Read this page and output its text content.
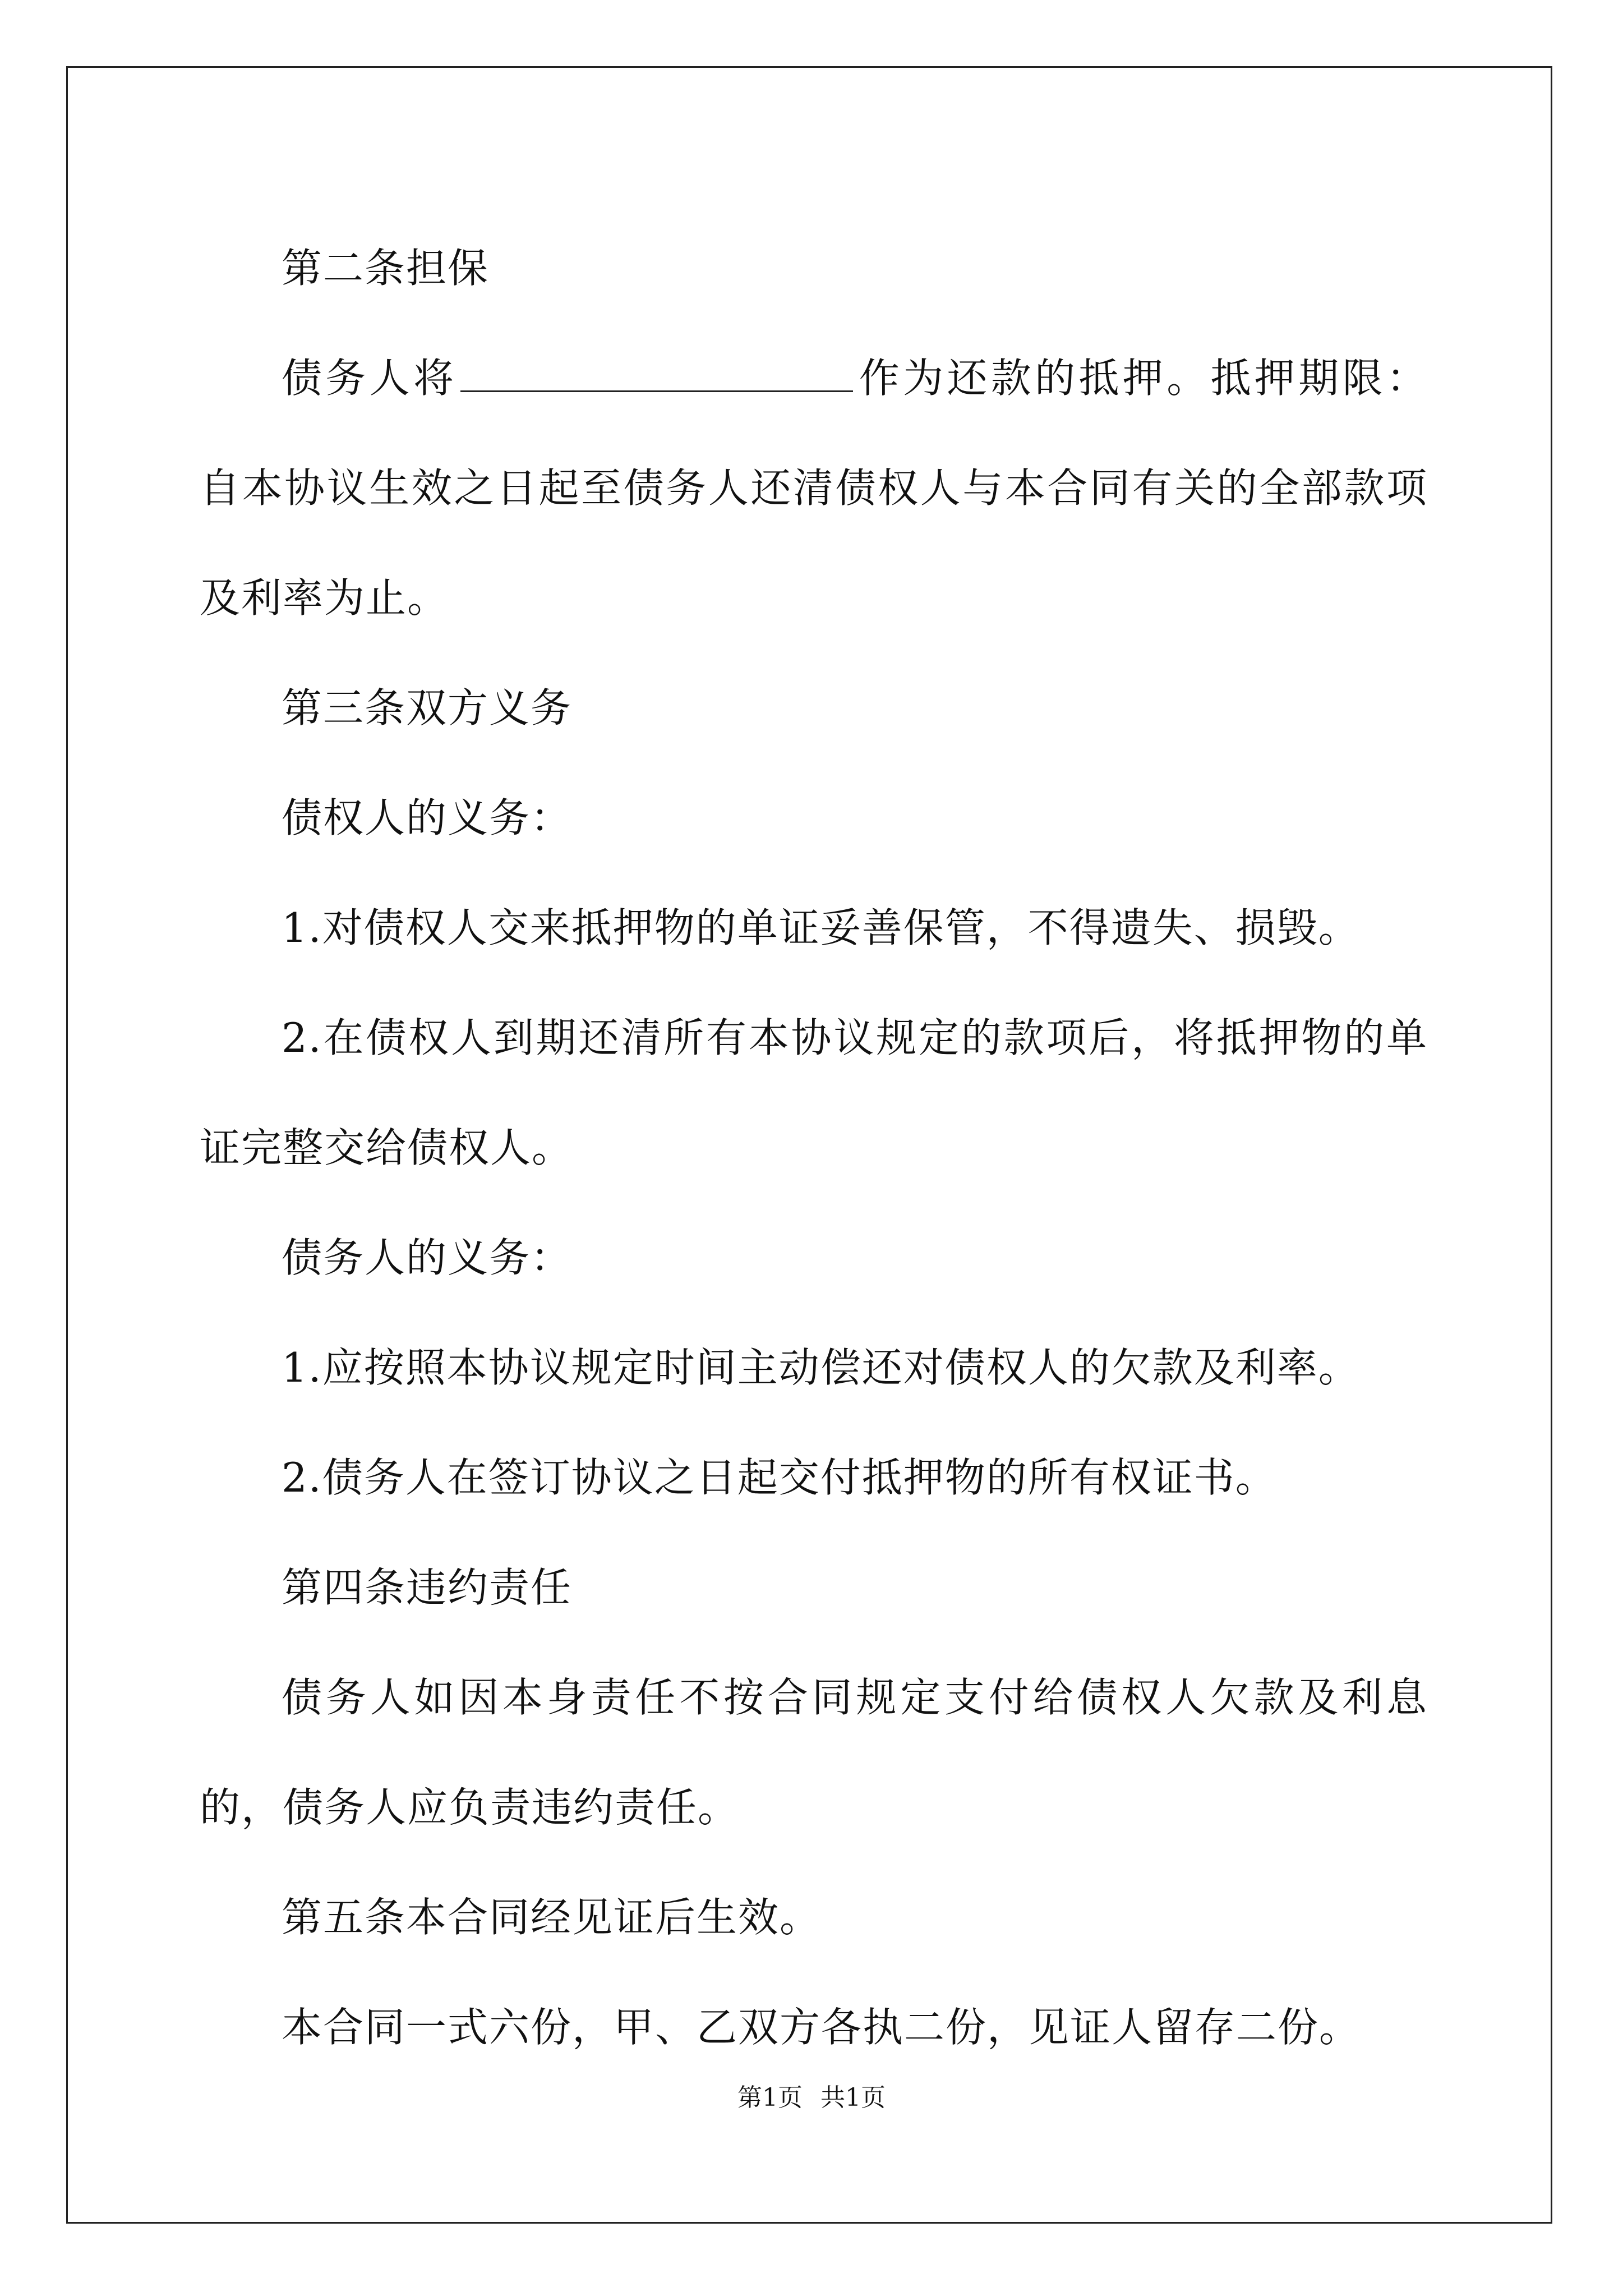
第二条担保

债务人将	作为还款的抵押。抵押期限：自本协议生效之日起至债务人还清债权人与本合同有关的全部款项及利率为止。

第三条双方义务

债权人的义务：

1.对债权人交来抵押物的单证妥善保管，不得遗失、损毁。

2.在债权人到期还清所有本协议规定的款项后，将抵押物的单证完整交给债权人。

债务人的义务：

1.应按照本协议规定时间主动偿还对债权人的欠款及利率。

2.债务人在签订协议之日起交付抵押物的所有权证书。

第四条违约责任

债务人如因本身责任不按合同规定支付给债权人欠款及利息的，债务人应负责违约责任。

第五条本合同经见证后生效。

本合同一式六份，甲、乙双方各执二份，见证人留存二份。

第1页 共1页
